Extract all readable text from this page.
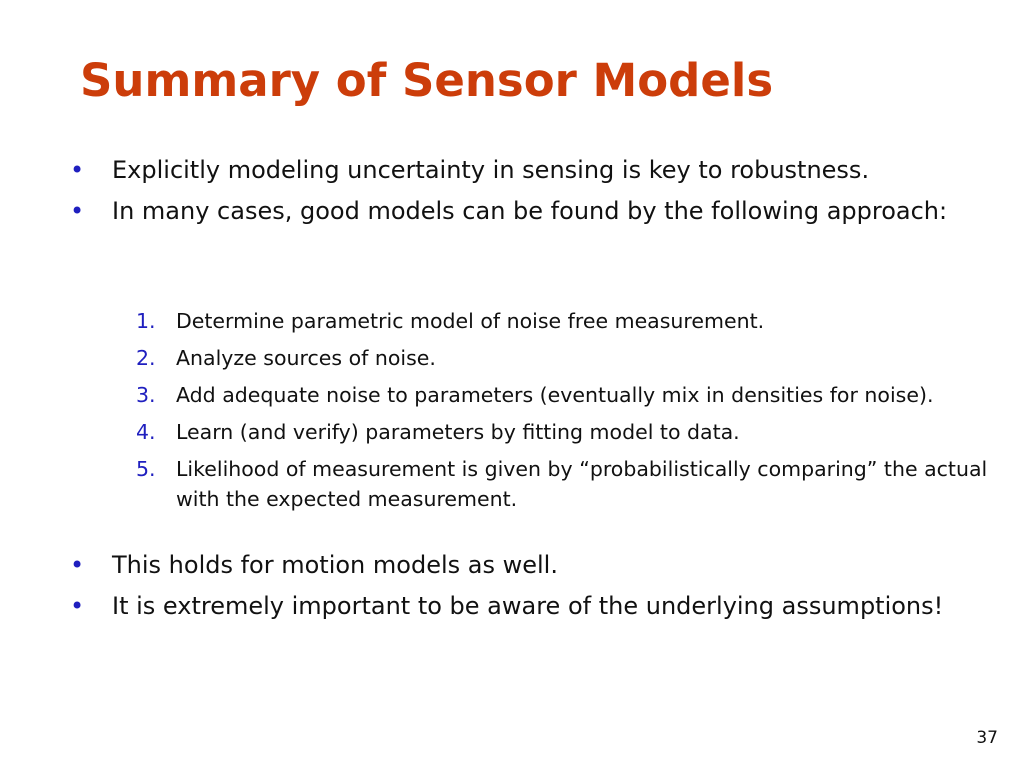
Summary of Sensor Models
• Explicitly modeling uncertainty in sensing is key to robustness.
• In many cases, good models can be found by the following approach:
1. Determine parametric model of noise free measurement.
2. Analyze sources of noise.
3. Add adequate noise to parameters (eventually mix in densities for noise).
4. Learn (and verify) parameters by fitting model to data.
5. Likelihood of measurement is given by “probabilistically comparing” the actual with the expected measurement.
• This holds for motion models as well.
• It is extremely important to be aware of the underlying assumptions!
37
